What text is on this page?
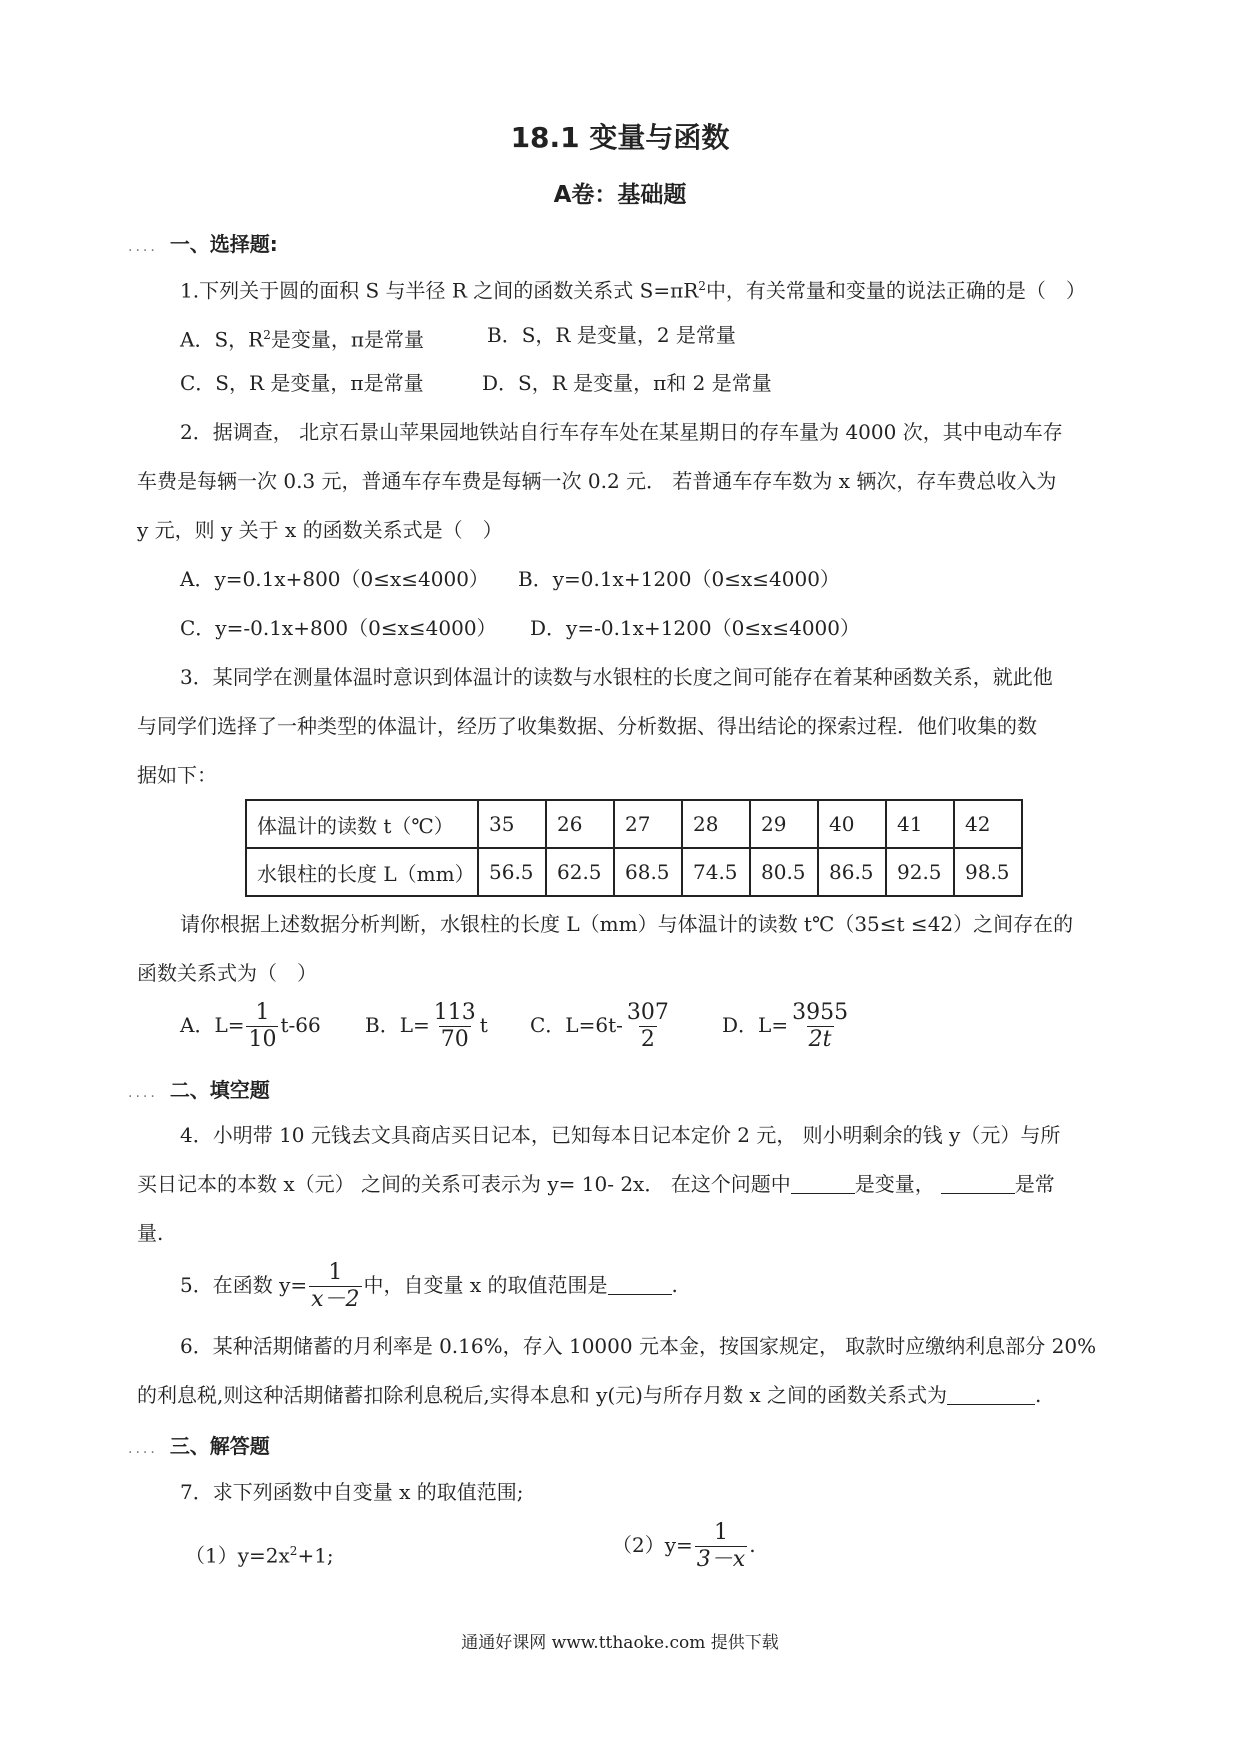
18.1 变量与函数
A卷：基础题
.... 一、选择题:
1.下列关于圆的面积 S 与半径 R 之间的函数关系式 $S=\pi R^2$中，有关常量和变量的说法正确的是（　）
A．S，$R^2$是变量，π是常量	B．S，R 是变量，2 是常量
C．S，R 是变量，π是常量	D．S，R 是变量，π和 2 是常量
2．据调查， 北京石景山苹果园地铁站自行车存车处在某星期日的存车量为 4000 次，其中电动车存
车费是每辆一次 0.3 元，普通车存车费是每辆一次 0.2 元． 若普通车存车数为 x 辆次，存车费总收入为
y 元，则 y 关于 x 的函数关系式是（　）
A．y=0.1x+800（0≤x≤4000） B．y=0.1x+1200（0≤x≤4000）
C．y=-0.1x+800（0≤x≤4000） D．y=-0.1x+1200（0≤x≤4000）
3．某同学在测量体温时意识到体温计的读数与水银柱的长度之间可能存在着某种函数关系，就此他
与同学们选择了一种类型的体温计，经历了收集数据、分析数据、得出结论的探索过程．他们收集的数
据如下：
体温计的读数 t（℃）	35	26	27	28	29	40	41	42
水银柱的长度 L（mm）	56.5	62.5	68.5	74.5	80.5	86.5	92.5	98.5
请你根据上述数据分析判断，水银柱的长度 L（mm）与体温计的读数 t℃（35≤t ≤42）之间存在的
函数关系式为（　）
A．$L= \frac{1}{10} t-66$ B．$L= \frac{113}{70}$ t C．$L=6t- \frac{307}{2}$	D．$L= \frac{3955}{2t}$
.... 二、填空题
4．小明带 10 元钱去文具商店买日记本，已知每本日记本定价 2 元， 则小明剩余的钱 y（元）与所
买日记本的本数 x（元） 之间的关系可表示为 y= 10- 2x． 在这个问题中	是变量，	是常
量.
5．在函数 $y= \frac{1}{x-2}$ 中，自变量 x 的取值范围是	.
6．某种活期储蓄的月利率是 0.16%，存入 10000 元本金，按国家规定， 取款时应缴纳利息部分 20%
的利息税,则这种活期储蓄扣除利息税后,实得本息和 y(元)与所存月数 x 之间的函数关系式为	.
.... 三、解答题
7．求下列函数中自变量 x 的取值范围;
$(1)y=2x^2+1$;	$(2)y= \frac{1}{3-x}$ .
通通好课网 www.tthaoke.com 提供下载
